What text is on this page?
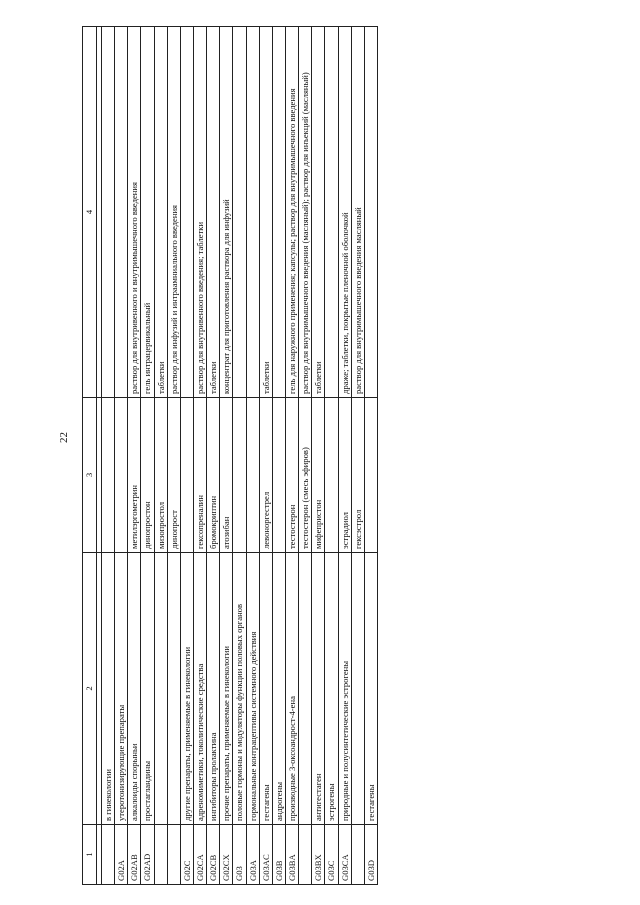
22
1	2	3	4

	в гинекологии		
G02A	утеротонизирующие препараты		
G02AB	алкалоиды спорыньи	метилэргометрин	раствор для внутривенного и внутримышечного введения
G02AD	простагландины	динопростон	гель интрацервикальный
		мизопростол	таблетки
		динопрост	раствор для инфузий и интраамниального введения
G02C	другие препараты, применяемые в гинекологии		
G02CA	адреномиметики, токолитические средства	гексопреналин	раствор для внутривенного введения; таблетки
G02CB	ингибиторы пролактина	бромокриптин	таблетки
G02CX	прочие препараты, применяемые в гинекологии	атозибан	концентрат для приготовления раствора для инфузий
G03	половые гормоны и модуляторы функции половых органов		
G03A	гормональные контрацептивы системного действия		
G03AC	гестагены	левоноргестрел	таблетки
G03B	андрогены		
G03BA	производные 3-оксоандрост-4-ена	тестостерон	гель для наружного применения; капсулы; раствор для внутримышечного введения
		тестостерон (смесь эфиров)	раствор для внутримышечного введения (масляный); раствор для инъекций (масляный)
G03BX	антигестаген	мифепристон	таблетки
G03C	эстрогены		
G03CA	природные и полусинтетические эстрогены	эстрадиол	драже; таблетки, покрытые пленочной оболочкой
		гексэстрол	раствор для внутримышечного введения масляный
G03D	гестагены		
